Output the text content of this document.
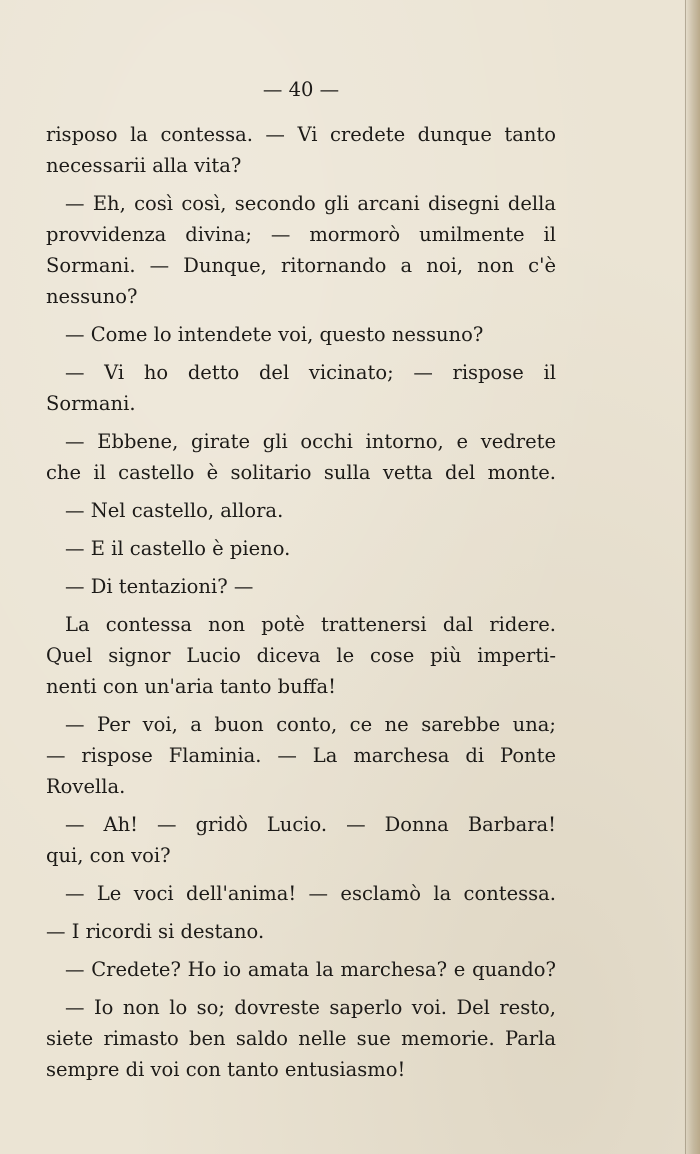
— 40 —
risposo la contessa. — Vi credete dunque tanto
necessarii alla vita?
— Eh, così così, secondo gli arcani disegni della
provvidenza divina; — mormorò umilmente il
Sormani. — Dunque, ritornando a noi, non c'è
nessuno?
— Come lo intendete voi, questo nessuno?
— Vi ho detto del vicinato; — rispose il
Sormani.
— Ebbene, girate gli occhi intorno, e vedrete
che il castello è solitario sulla vetta del monte.
— Nel castello, allora.
— E il castello è pieno.
— Di tentazioni? —
La contessa non potè trattenersi dal ridere.
Quel signor Lucio diceva le cose più imperti-
nenti con un'aria tanto buffa!
— Per voi, a buon conto, ce ne sarebbe una;
— rispose Flaminia. — La marchesa di Ponte
Rovella.
— Ah! — gridò Lucio. — Donna Barbara!
qui, con voi?
— Le voci dell'anima! — esclamò la contessa.
— I ricordi si destano.
— Credete? Ho io amata la marchesa? e quando?
— Io non lo so; dovreste saperlo voi. Del resto,
siete rimasto ben saldo nelle sue memorie. Parla
sempre di voi con tanto entusiasmo!
